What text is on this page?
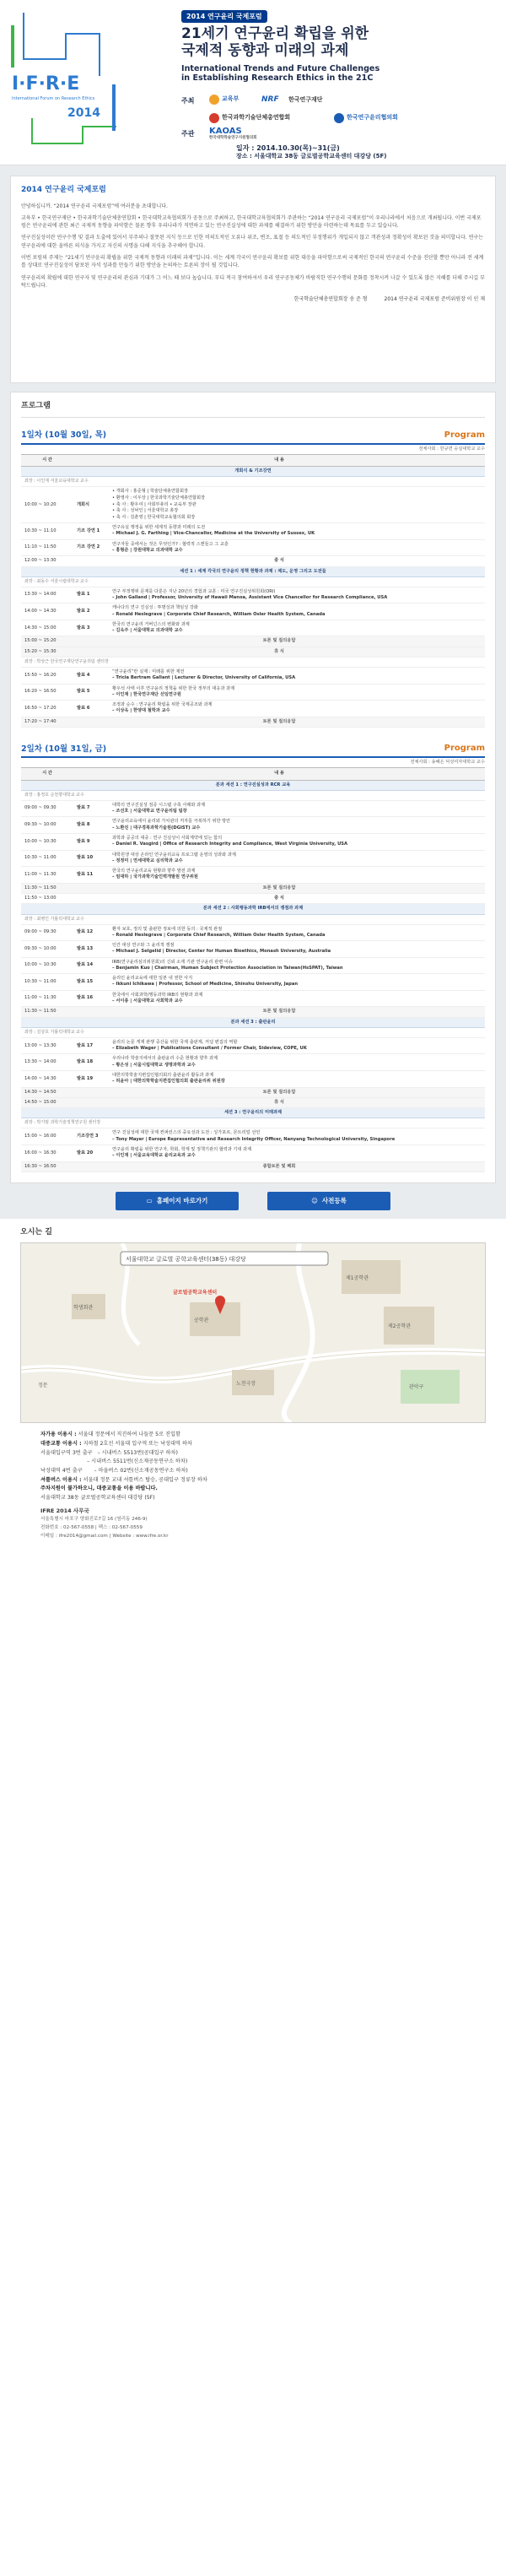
I·F·R·E
International Forum on Research Ethics
2014
2014 연구윤리 국제포럼
21세기 연구윤리 확립을 위한
국제적 동향과 미래의 과제
International Trends and Future Challenges
in Establishing Research Ethics in the 21C
주최	교육부	NRF 한국연구재단
한국과학기술단체총연합회	한국연구윤리협의회
주관 KAOAS
한국대학학술연구지원협의회
일자 : 2014.10.30(목)~31(금)
장소 : 서울대학교 38동 글로벌공학교육센터 대강당 (5F)
2014 연구윤리 국제포럼

안녕하십니까. “2014 연구윤리 국제포럼”에 여러분을 초대합니다.

교육부 • 한국연구재단 • 한국과학기술단체총연합회 • 한국대학교육협의회가 공동으로 주최하고, 한국대학교육협의회가 주관하는 “2014 연구윤리 국제포럼”이 우리나라에서 처음으로 개최됩니다. 이번 국제포럼은 연구윤리에 관한 최근 국제적 동향을 파악함은 물론 향후 우리나라가 직면하고 있는 연구진실성에 대한 과제를 해결하기 위한 방안을 마련하는데 목표를 두고 있습니다.

연구진실성이란 연구수행 및 결과 도출에 있어서 부주의나 잘못된 지식 등으로 인한 비의도적인 오류나 위조, 변조, 표절 등 의도적인 부정행위가 개입되지 않고 객관성과 정확성이 확보된 것을 의미합니다. 연구는 연구윤리에 대한 올바른 의식을 가지고 자신의 사명을 다해 지식을 추구해야 합니다.

이번 포럼의 주제는 “21세기 연구윤리 확립을 위한 국제적 동향과 미래의 과제”입니다. 이는 세계 각국이 연구윤리 확보를 위한 대응을 파악함으로써 국제적인 한국의 연구윤리 수준을 진단할 뿐만 아니라 전 세계를 상대로 연구진실성이 담보된 자석 성과를 만들기 위한 방안을 논의하는 토론의 장이 될 것입니다.

연구윤리의 확립에 대한 연구자 및 연구윤리의 관심과 기대가 그 어느 때 보다 높습니다. 부디 적극 참여하셔서 우리 연구공동체가 바람직한 연구수행의 문화를 정착시켜 나갈 수 있도록 많은 지혜를 더해 주시길 부탁드립니다.

한국학술단체총연합회장 송 준 형	2014 연구윤리 국제포럼 준비위원장 이 인 재
프로그램
1일차 (10월 30일, 목)	Program
전체사회 : 한규면 숭실대학교 교수
시 간	내 용	
개회식 & 기조강연		
좌장 : 이인재 서울교육대학교 교수		
10:00 ~ 10:20	개회식	• 개회사 : 홍준형 | 학술단체총연합회장
• 환영사 : 이우상 | 한국과학기술단체총연합회장
• 축 사 : 황우여 | 사회부총리 • 교육부 장관
• 축 사 : 성낙인 | 서울대학교 총장
• 축 사 : 김춘영 | 한국대학교육협의회 회장

10:30 ~ 11:10	기조 강연 1	연구유실 행정을 위한 세계적 동향과 미래의 도전
– Michael J. G. Farthing | Vice-Chancellor, Medicine at the University of Sussex, UK

11:10 ~ 11:50	기조 강연 2	연구자들 중에서는 것은 무엇인가? : 협력적 스캔들고 그 교훈
– 홍형준 | 강원대학교 의과대학 교수

12:00 ~ 13:30	중 식	
세션 1 : 세계 각국의 연구윤리 정책 현황과 과제 : 제도, 운영 그리고 도전들		
좌장 : 최동수 서울시립대학교 교수		
13:30 ~ 14:00	발표 1	연구 부정행위 문제를 다룬은 지난 20년의 경험과 교훈 : 미국 연구진실성위원회(ORI)
– John Galland | Professor, University of Hawaii Manoa, Assistant Vice Chancellor for Research Compliance, USA

14:00 ~ 14:30	발표 2	캐나다의 연구 진실성 : 투명성과 책임성 강화
– Ronald Heslegrave | Corporate Chief Research, William Osler Health System, Canada

14:30 ~ 15:00	발표 3	한국의 연구윤리 거버넌스의 변화와 과제
– 김옥주 | 서울대학교 의과대학 교수

15:00 ~ 15:20	토론 및 질의응답	
15:20 ~ 15:30	휴 식	
좌장 : 박상근 한국연구재단연구윤리팀 센터장		
15:50 ~ 16:20	발표 4	“연구윤리”란 실제 : 미래를 위한 제언
– Tricia Bertram Gallant | Lecturer & Director, University of California, USA

16:20 ~ 16:50	발표 5	황우석 사태 이후 연구윤리 정책을 위한 한국 정부의 대응과 과제
– 이인재 | 한국연구재단 선임연구원

16:50 ~ 17:20	발표 6	조정과 순수 : 연구윤리 확립을 위한 국제공조와 과제
– 이상옥 | 한양대 철학과 교수

17:20 ~ 17:40	토론 및 질의응답	
2일차 (10월 31일, 금)	Program
전체사회 : 송혜은 덕성여자대학교 교수
시 간	내 용	
분과 세션 1 : 연구진실성과 RCR 교육		
좌장 : 홍정호 순천향대학교 교수		
09:00 ~ 09:30	발표 7	대학의 연구진실성 검증 시스템 구축 사례와 과제
– 조선호 | 서울대학교 연구윤리팀 팀장

09:30 ~ 10:00	발표 8	연구윤리교육에서 윤리와 가치관의 저자를 극복하기 위한 방안
– 노환진 | 대구경북과학기술원(DGIST) 교수

10:00 ~ 10:30	발표 9	과학과 공공의 대중 : 연구 진실성이 사회계약에 있는 함의
– Daniel R. Vasgird | Office of Research Integrity and Compliance, West Virginia University, USA

10:30 ~ 11:00	발표 10	대학원생 대상 온라인 연구윤리교육 프로그램 운영의 성과와 과제
– 정정미 | 연세대학교 심리학과 교수

11:00 ~ 11:30	발표 11	한국의 연구윤리교육 현황과 향후 발전 과제
– 엄대하 | 국가과학기술인력개발원 연구위원

11:30 ~ 11:50	토론 및 질의응답	
11:50 ~ 13:00	중 식	
분과 세션 2 : 사회행동과학 IRB에서의 쟁점과 과제		
좌장 : 최병인 가톨릭대학교 교수		
09:00 ~ 09:30	발표 12	환자 보호, 정의 및 출판한 정보에 의한 동의 : 국제적 관점
– Ronald Heslegrave | Corporate Chief Research, William Osler Health System, Canada

09:30 ~ 10:00	발표 13	인간 대상 연구와 그 윤리적 쟁점
– Michael J. Selgelid | Director, Center for Human Bioethics, Monash University, Australia

10:00 ~ 10:30	발표 14	IRB(연구윤리심의위원회)의 신뢰 소재 기관 연구윤리 관련 이슈
– Benjamin Kuo | Chairman, Human Subject Protection Association in Taiwan(HsSPAT), Taiwan

10:30 ~ 11:00	발표 15	윤리인 윤리교육에 대한 일본 내 권한 사지
– Ikkuni Ichikawa | Professor, School of Medicine, Shinshu University, Japan

11:00 ~ 11:30	발표 16	한국에서 사회과학/행동과학 IRB의 현황과 과제
– 서이종 | 서울대학교 사회학과 교수

11:30 ~ 11:50	토론 및 질의응답	
분과 세션 3 : 출판윤리		
좌장 : 김상호 가톨릭대학교 교수		
13:00 ~ 13:30	발표 17	윤리의 논문 게재 관행 중산을 위한 국제 출판계, 저널 편집의 역할
– Elizabeth Wager | Publications Consultant / Former Chair, Sideview, COPE, UK

13:30 ~ 14:00	발표 18	우리나라 학술지에서의 출판윤리 수준 현황과 향후 과제
– 황은성 | 서울시립대학교 생명과학과 교수

14:00 ~ 14:30	발표 19	대한의학학술지편집인협의회의 출판윤리 활동과 과제
– 허윤아 | 대한의학학술지편집인협의회 출판윤리위 위원장

14:30 ~ 14:50	토론 및 질의응답	
14:50 ~ 15:00	휴 식	
세션 3 : 연구윤리의 미래과제		
좌장 : 박기범 과학기술정책연구원 센터장		
15:00 ~ 16:00	기조강연 3	연구 진실성에 대한 국제 컨퍼런스의 중요성과 도전 : 싱가포르, 몬트리얼 선언
– Tony Mayer | Europe Representative and Research Integrity Officer, Nanyang Technological University, Singapore

16:00 ~ 16:30	발표 20	연구윤리 확립을 위한 연구자, 학회, 학계 및 정책기관의 협력과 기대 과제
– 이인재 | 서울교육대학교 윤리교육과 교수

16:30 ~ 16:50	종합토론 및 폐회	
▭ 홈페이지 바로가기	☺ 사전등록
오시는 길
서울대학교 글로벌 공학교육센터(38동) 대강당
제1공학관
제2공학관
공학관
학생회관
노천극장
관악구
정문
글로벌공학교육센터
자가용 이용시 : 서울대 정문에서 직진하여 나들문 5로 진입함
대중교통 이용시 : 지하철 2호선 서울대 입구역 또는 낙성대역 하차
서울대입구역 3번 출구   – 시내버스 5513번(공대입구 하차)
– 시내버스 5511번(신소재공동연구소 하차)
낙성대역 4번 출구       – 마을버스 02번(신소재공동연구소 하차)
셔틀버스 이용시 : 서울대 정문 교내 셔틀버스 탑승, 공대입구 정류장 하차
주차지원이 불가하오니, 대중교통을 이용 바랍니다.
서울대학교 38동 글로벌공학교육센터 대강당 (5F)
IFRE 2014 사무국
서울특별시 마포구 양화진로7길 16 (염리동 246-9)
전화번호 : 02-567-0558 | 팩스 : 02-567-0559
이메일 : ifre2014@gmail.com | Website : www.ifre.or.kr
